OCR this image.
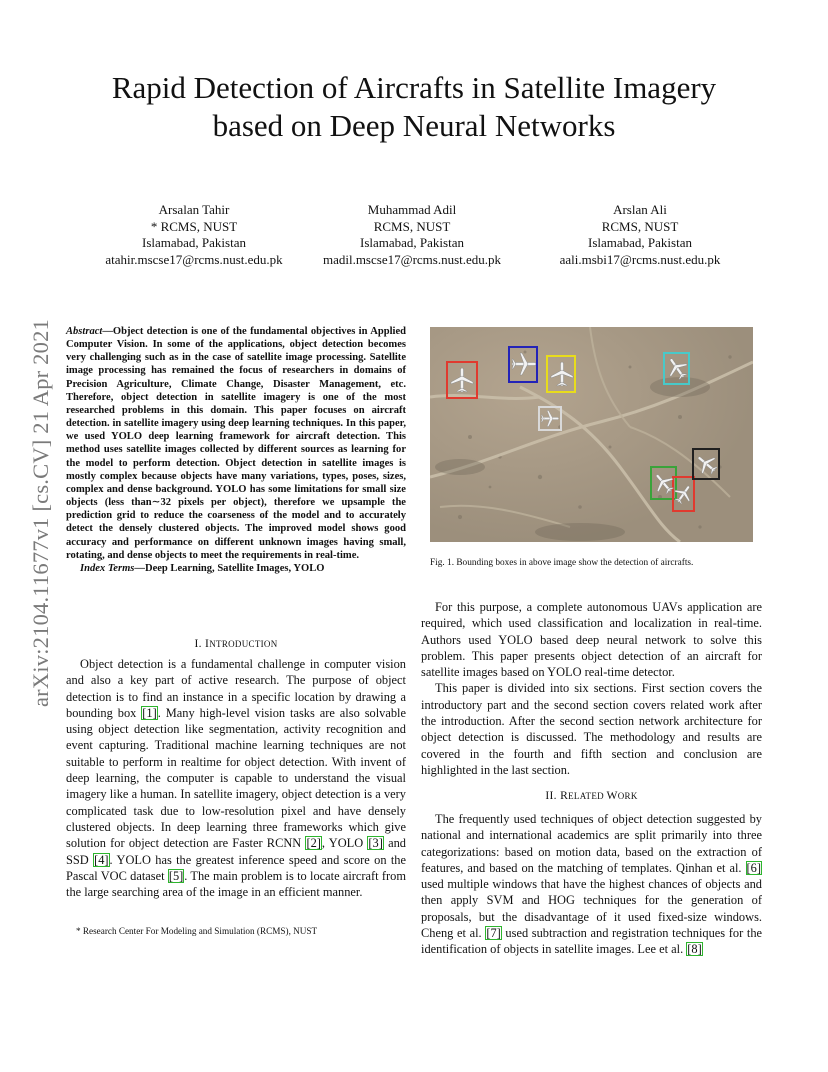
arXiv:2104.11677v1 [cs.CV] 21 Apr 2021
Rapid Detection of Aircrafts in Satellite Imagery
based on Deep Neural Networks
Arsalan Tahir
* RCMS, NUST
Islamabad, Pakistan
atahir.mscse17@rcms.nust.edu.pk
Muhammad Adil
RCMS, NUST
Islamabad, Pakistan
madil.mscse17@rcms.nust.edu.pk
Arslan Ali
RCMS, NUST
Islamabad, Pakistan
aali.msbi17@rcms.nust.edu.pk
Abstract—Object detection is one of the fundamental objectives in Applied Computer Vision. In some of the applications, object detection becomes very challenging such as in the case of satellite image processing. Satellite image processing has remained the focus of researchers in domains of Precision Agriculture, Climate Change, Disaster Management, etc. Therefore, object detection in satellite imagery is one of the most researched problems in this domain. This paper focuses on aircraft detection. in satellite imagery using deep learning techniques. In this paper, we used YOLO deep learning framework for aircraft detection. This method uses satellite images collected by different sources as learning for the model to perform detection. Object detection in satellite images is mostly complex because objects have many variations, types, poses, sizes, complex and dense background. YOLO has some limitations for small size objects (less than∼32 pixels per object), therefore we upsample the prediction grid to reduce the coarseness of the model and to accurately detect the densely clustered objects. The improved model shows good accuracy and performance on different unknown images having small, rotating, and dense objects to meet the requirements in real-time.
Index Terms—Deep Learning, Satellite Images, YOLO
I. INTRODUCTION

Object detection is a fundamental challenge in computer vision and also a key part of active research. The purpose of object detection is to find an instance in a specific location by drawing a bounding box [1]. Many high-level vision tasks are also solvable using object detection like segmentation, activity recognition and event capturing. Traditional machine learning techniques are not suitable to perform in realtime for object detection. With invent of deep learning, the computer is capable to understand the visual imagery like a human. In satellite imagery, object detection is a very complicated task due to low-resolution pixel and have densely clustered objects. In deep learning three frameworks which give solution for object detection are Faster RCNN [2], YOLO [3] and SSD [4]. YOLO has the greatest inference speed and score on the Pascal VOC dataset [5]. The main problem is to locate aircraft from the large searching area of the image in an efficient manner.

* Research Center For Modeling and Simulation (RCMS), NUST
Fig. 1. Bounding boxes in above image show the detection of aircrafts.

For this purpose, a complete autonomous UAVs application are required, which used classification and localization in real-time. Authors used YOLO based deep neural network to solve this problem. This paper presents object detection of an aircraft for satellite images based on YOLO real-time detector.

This paper is divided into six sections. First section covers the introductory part and the second section covers related work after the introduction. After the second section network architecture for object detection is discussed. The methodology and results are covered in the fourth and fifth section and conclusion are highlighted in the last section.

II. RELATED WORK

The frequently used techniques of object detection suggested by national and international academics are split primarily into three categorizations: based on motion data, based on the extraction of features, and based on the matching of templates. Qinhan et al. [6] used multiple windows that have the highest chances of objects and then apply SVM and HOG techniques for the generation of proposals, but the disadvantage of it used fixed-size windows. Cheng et al. [7] used subtraction and registration techniques for the identification of objects in satellite images. Lee et al. [8]
